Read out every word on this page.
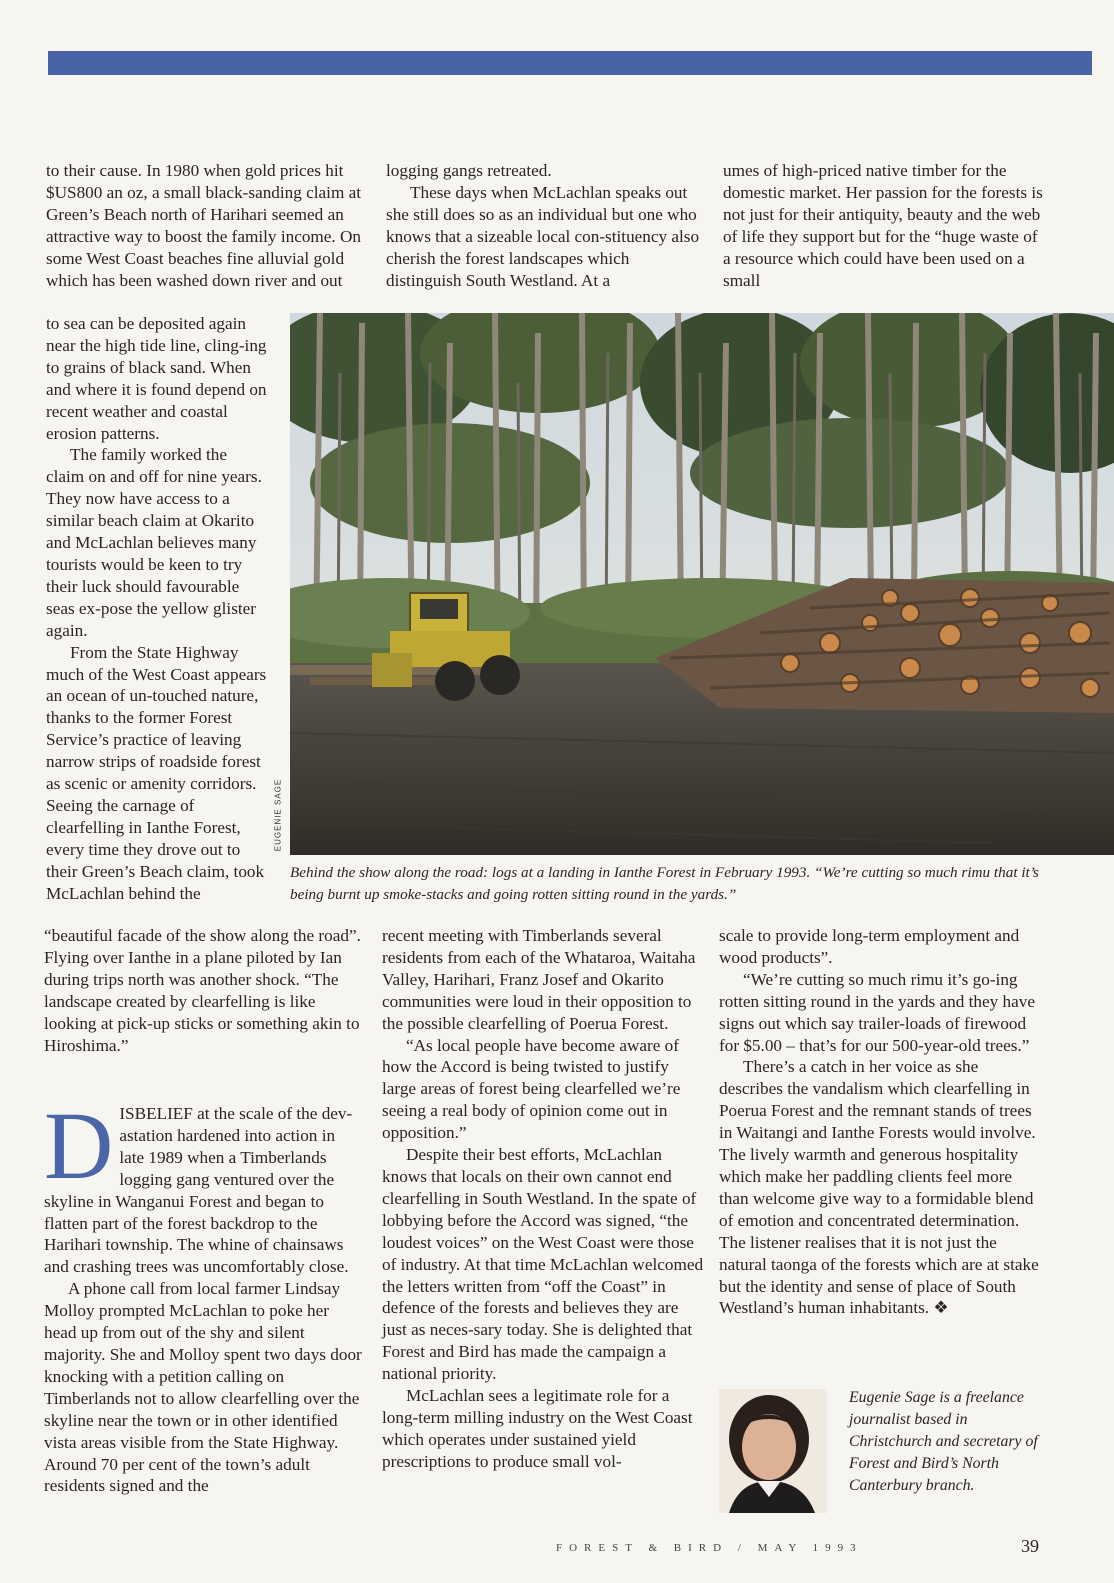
to their cause. In 1980 when gold prices hit $US800 an oz, a small black-sanding claim at Green’s Beach north of Harihari seemed an attractive way to boost the family income. On some West Coast beaches fine alluvial gold which has been washed down river and out

to sea can be deposited again near the high tide line, cling-ing to grains of black sand. When and where it is found depend on recent weather and coastal erosion patterns.

The family worked the claim on and off for nine years. They now have access to a similar beach claim at Okarito and McLachlan believes many tourists would be keen to try their luck should favourable seas ex-pose the yellow glister again.

From the State Highway much of the West Coast appears an ocean of un-touched nature, thanks to the former Forest Service’s practice of leaving narrow strips of roadside forest as scenic or amenity corridors. Seeing the carnage of clearfelling in Ianthe Forest, every time they drove out to their Green’s Beach claim, took McLachlan behind the

“beautiful facade of the show along the road”. Flying over Ianthe in a plane piloted by Ian during trips north was another shock. “The landscape created by clearfelling is like looking at pick-up sticks or something akin to Hiroshima.”

DISBELIEF at the scale of the dev-astation hardened into action in late 1989 when a Timberlands logging gang ventured over the skyline in Wanganui Forest and began to flatten part of the forest backdrop to the Harihari township. The whine of chainsaws and crashing trees was uncomfortably close.

A phone call from local farmer Lindsay Molloy prompted McLachlan to poke her head up from out of the shy and silent majority. She and Molloy spent two days door knocking with a petition calling on Timberlands not to allow clearfelling over the skyline near the town or in other identified vista areas visible from the State Highway. Around 70 per cent of the town’s adult residents signed and the

logging gangs retreated.

These days when McLachlan speaks out she still does so as an individual but one who knows that a sizeable local con-stituency also cherish the forest landscapes which distinguish South Westland. At a

recent meeting with Timberlands several residents from each of the Whataroa, Waitaha Valley, Harihari, Franz Josef and Okarito communities were loud in their opposition to the possible clearfelling of Poerua Forest.

“As local people have become aware of how the Accord is being twisted to justify large areas of forest being clearfelled we’re seeing a real body of opinion come out in opposition.”

Despite their best efforts, McLachlan knows that locals on their own cannot end clearfelling in South Westland. In the spate of lobbying before the Accord was signed, “the loudest voices” on the West Coast were those of industry. At that time McLachlan welcomed the letters written from “off the Coast” in defence of the forests and believes they are just as neces-sary today. She is delighted that Forest and Bird has made the campaign a national priority.

McLachlan sees a legitimate role for a long-term milling industry on the West Coast which operates under sustained yield prescriptions to produce small vol-

umes of high-priced native timber for the domestic market. Her passion for the forests is not just for their antiquity, beauty and the web of life they support but for the “huge waste of a resource which could have been used on a small

scale to provide long-term employment and wood products”.

“We’re cutting so much rimu it’s go-ing rotten sitting round in the yards and they have signs out which say trailer-loads of firewood for $5.00 – that’s for our 500-year-old trees.”

There’s a catch in her voice as she describes the vandalism which clearfelling in Poerua Forest and the remnant stands of trees in Waitangi and Ianthe Forests would involve. The lively warmth and generous hospitality which make her paddling clients feel more than welcome give way to a formidable blend of emotion and concentrated determination. The listener realises that it is not just the natural taonga of the forests which are at stake but the identity and sense of place of South Westland’s human inhabitants. ❖

EUGENIE SAGE
Behind the show along the road: logs at a landing in Ianthe Forest in February 1993. “We’re cutting so much rimu that it’s being burnt up smoke-stacks and going rotten sitting round in the yards.”
Eugenie Sage is a freelance journalist based in Christchurch and secretary of Forest and Bird’s North Canterbury branch.
FOREST & BIRD / MAY 1993	39
